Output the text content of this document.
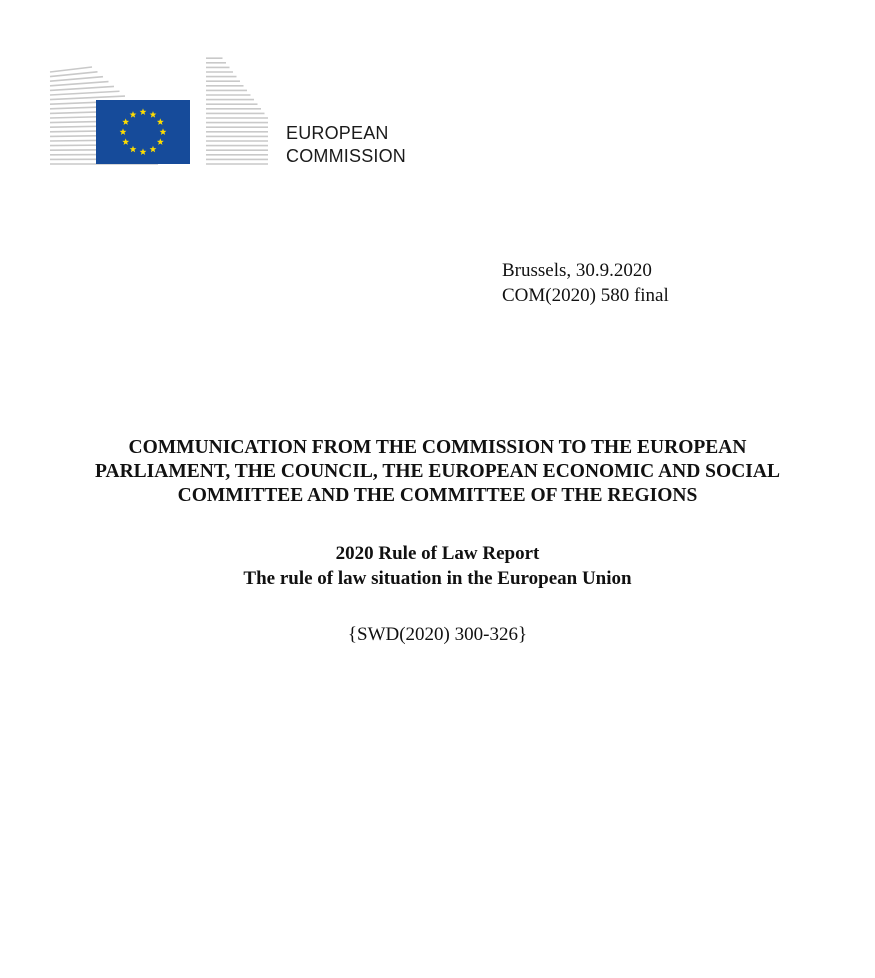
EUROPEAN
COMMISSION
Brussels, 30.9.2020
COM(2020) 580 final
COMMUNICATION FROM THE COMMISSION TO THE EUROPEAN
PARLIAMENT, THE COUNCIL, THE EUROPEAN ECONOMIC AND SOCIAL
COMMITTEE AND THE COMMITTEE OF THE REGIONS
2020 Rule of Law Report
The rule of law situation in the European Union
{SWD(2020) 300-326}
